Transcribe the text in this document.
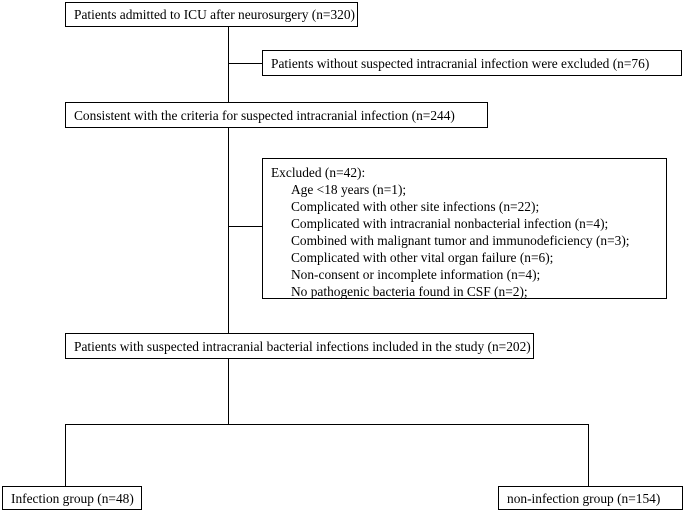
Patients admitted to ICU after neurosurgery (n=320)
Patients without suspected intracranial infection were excluded (n=76)
Consistent with the criteria for suspected intracranial infection (n=244)
Excluded (n=42):
Age <18 years (n=1);
Complicated with other site infections (n=22);
Complicated with intracranial nonbacterial infection (n=4);
Combined with malignant tumor and immunodeficiency (n=3);
Complicated with other vital organ failure (n=6);
Non-consent or incomplete information (n=4);
No pathogenic bacteria found in CSF (n=2);
Patients with suspected intracranial bacterial infections included in the study (n=202)
Infection group (n=48)	non-infection group (n=154)
